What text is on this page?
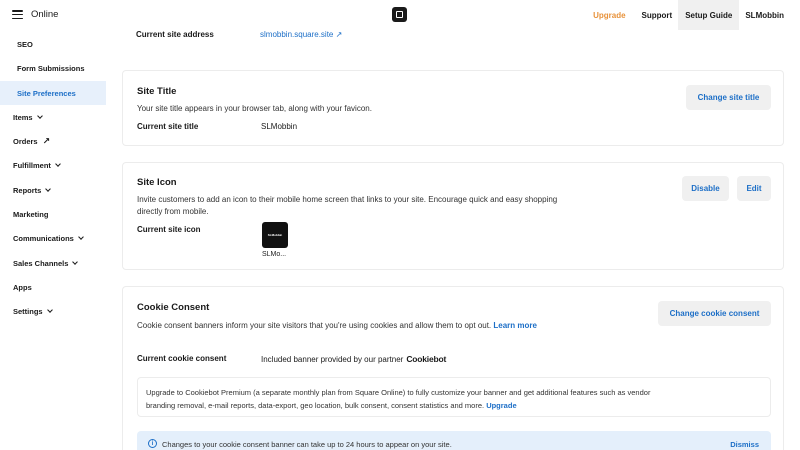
Online	Upgrade	Support	Setup Guide	SLMobbin
SEO
Form Submissions
Site Preferences
Items
Orders ↗
Fulfillment
Reports
Marketing
Communications
Sales Channels
Apps
Settings
Current site address	slmobbin.square.site ↗
Site Title
Your site title appears in your browser tab, along with your favicon.
Current site title	SLMobbin
Change site title
Site Icon
Invite customers to add an icon to their mobile home screen that links to your site. Encourage quick and easy shopping
directly from mobile.
Current site icon
SLMobbin
SLMo...
Disable	Edit
Cookie Consent
Cookie consent banners inform your site visitors that you're using cookies and allow them to opt out. Learn more
Change cookie consent
Current cookie consent	Included banner provided by our partner Cookiebot
Upgrade to Cookiebot Premium (a separate monthly plan from Square Online) to fully customize your banner and get additional features such as vendor
branding removal, e-mail reports, data-export, geo location, bulk consent, consent statistics and more. Upgrade
i	Changes to your cookie consent banner can take up to 24 hours to appear on your site.	Dismiss
